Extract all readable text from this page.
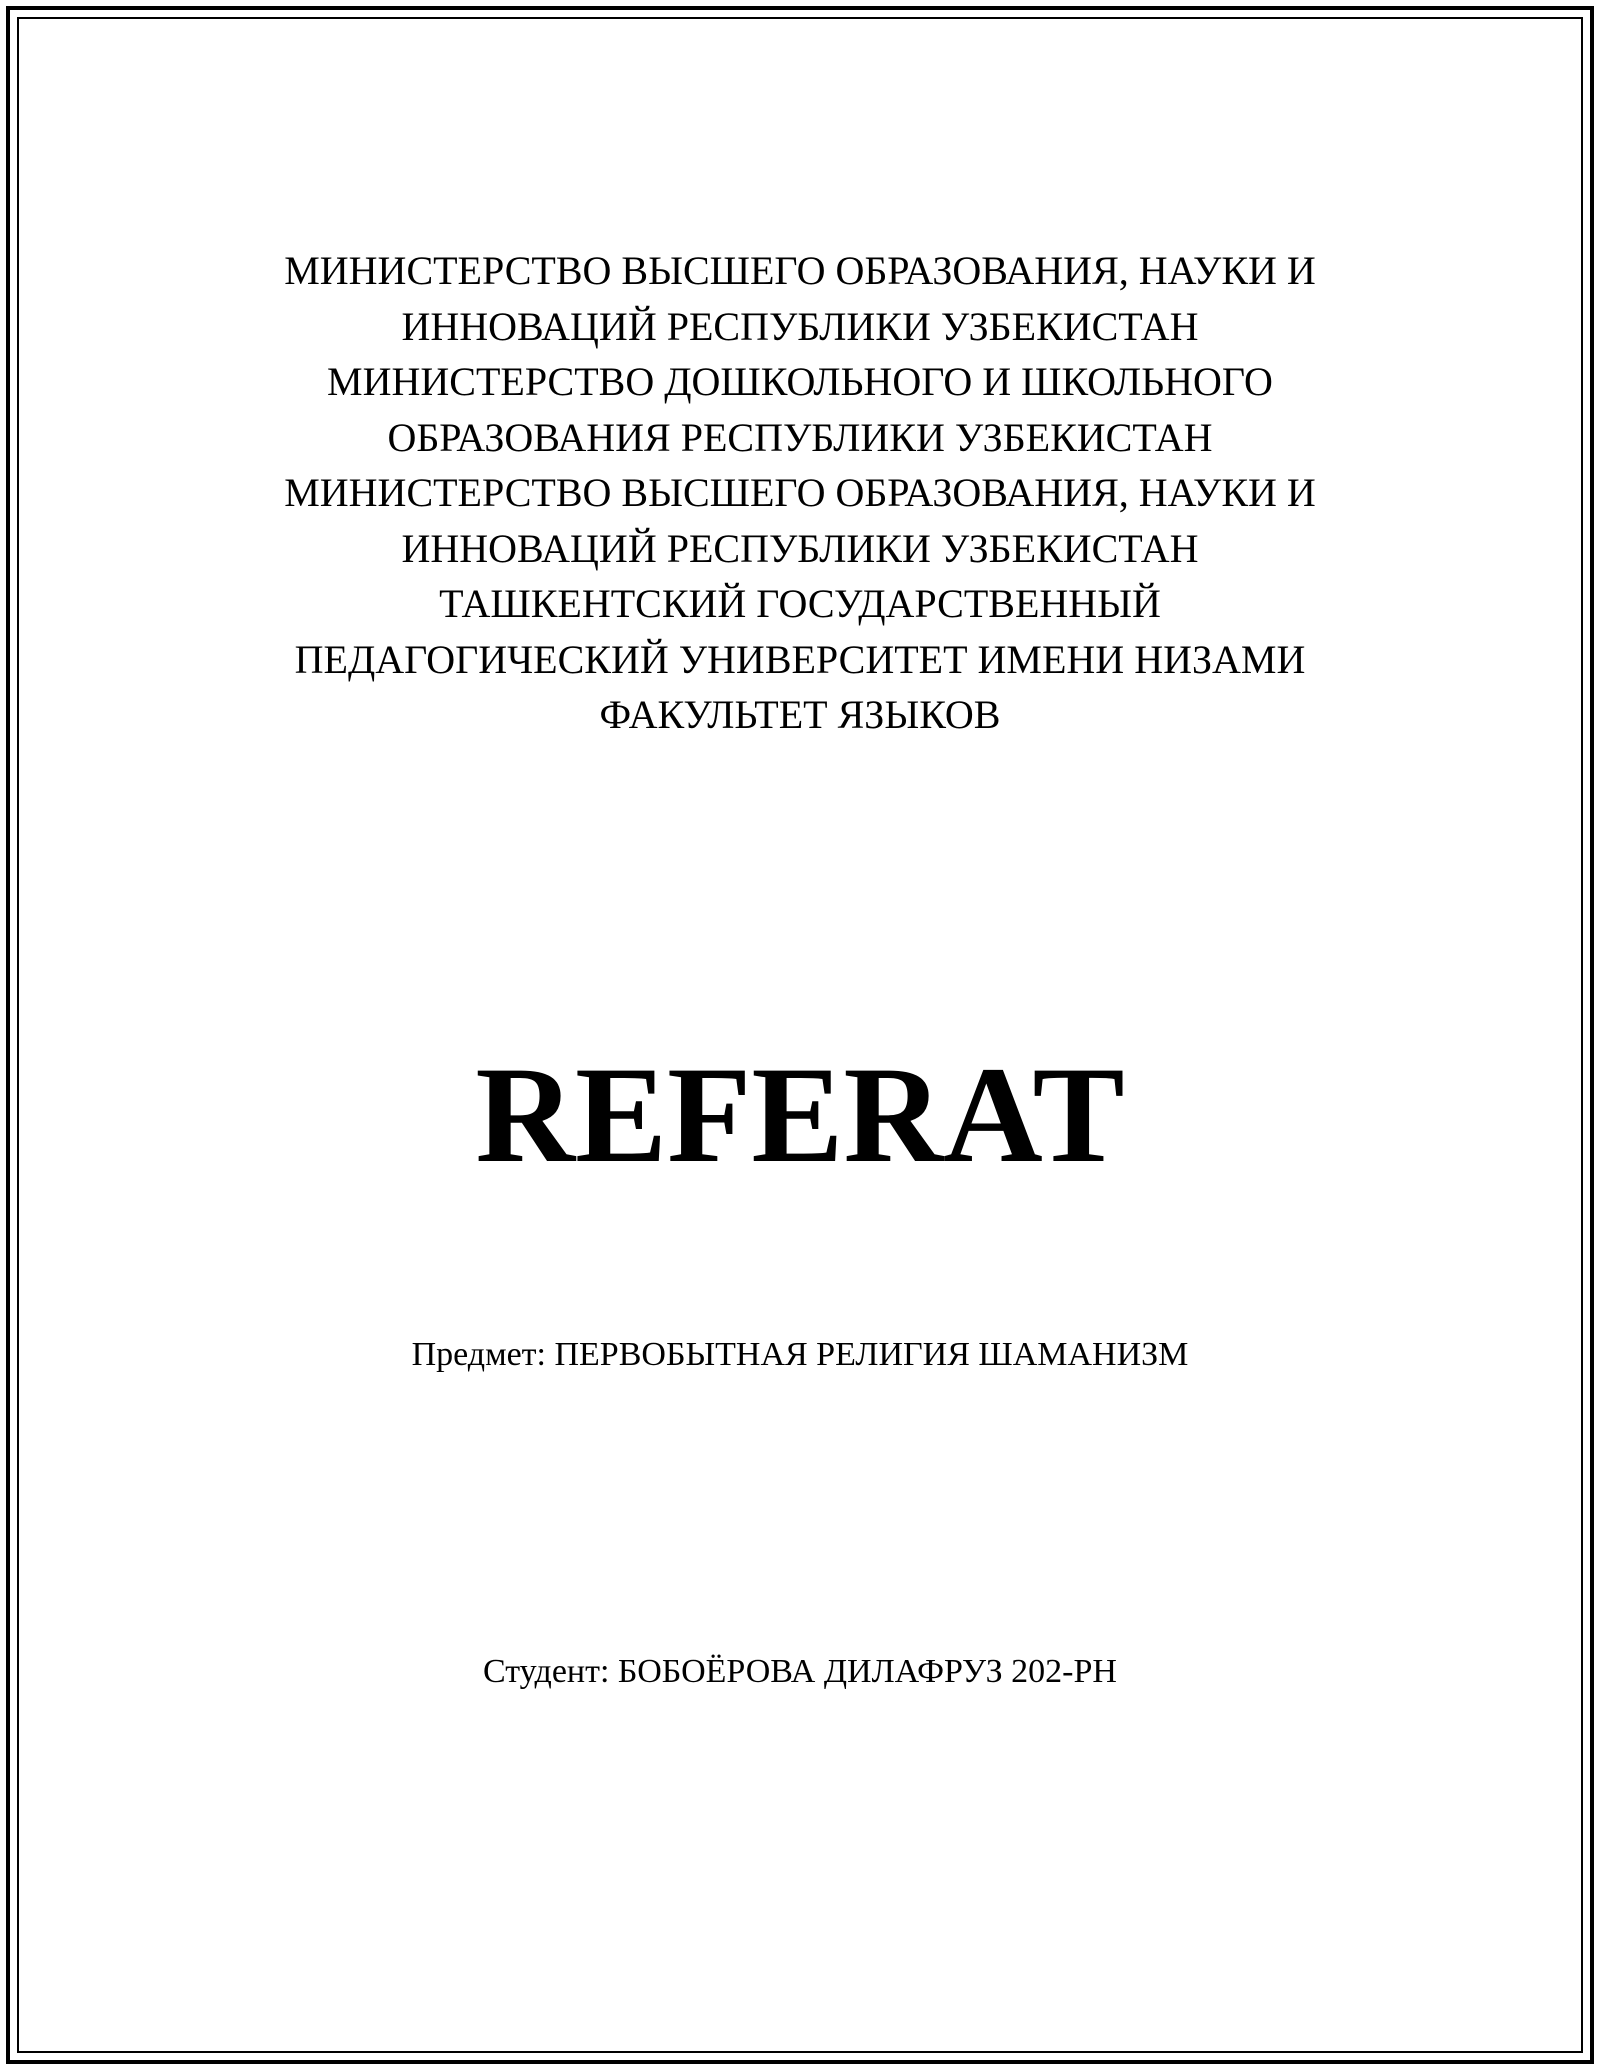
МИНИСТЕРСТВО ВЫСШЕГО ОБРАЗОВАНИЯ, НАУКИ И
ИННОВАЦИЙ РЕСПУБЛИКИ УЗБЕКИСТАН
МИНИСТЕРСТВО ДОШКОЛЬНОГО И ШКОЛЬНОГО
ОБРАЗОВАНИЯ РЕСПУБЛИКИ УЗБЕКИСТАН
МИНИСТЕРСТВО ВЫСШЕГО ОБРАЗОВАНИЯ, НАУКИ И
ИННОВАЦИЙ РЕСПУБЛИКИ УЗБЕКИСТАН
ТАШКЕНТСКИЙ ГОСУДАРСТВЕННЫЙ
ПЕДАГОГИЧЕСКИЙ УНИВЕРСИТЕТ ИМЕНИ НИЗАМИ
ФАКУЛЬТЕТ ЯЗЫКОВ
REFERAT
Предмет: ПЕРВОБЫТНАЯ РЕЛИГИЯ ШАМАНИЗМ
Студент: БОБОЁРОВА ДИЛАФРУЗ 202-РН
